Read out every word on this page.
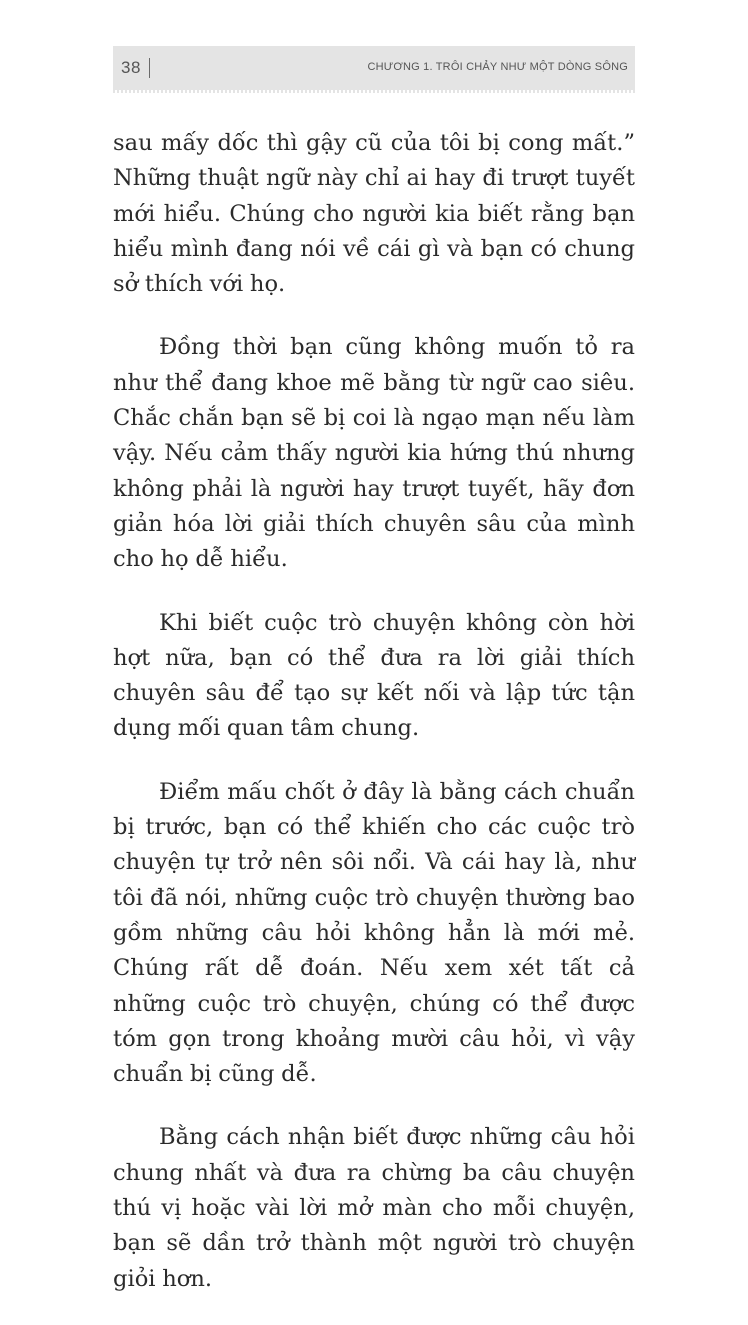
38	CHƯƠNG 1. TRÔI CHẢY NHƯ MỘT DÒNG SÔNG

sau mấy dốc thì gậy cũ của tôi bị cong mất.” Những thuật ngữ này chỉ ai hay đi trượt tuyết mới hiểu. Chúng cho người kia biết rằng bạn hiểu mình đang nói về cái gì và bạn có chung sở thích với họ.

Đồng thời bạn cũng không muốn tỏ ra như thể đang khoe mẽ bằng từ ngữ cao siêu. Chắc chắn bạn sẽ bị coi là ngạo mạn nếu làm vậy. Nếu cảm thấy người kia hứng thú nhưng không phải là người hay trượt tuyết, hãy đơn giản hóa lời giải thích chuyên sâu của mình cho họ dễ hiểu.

Khi biết cuộc trò chuyện không còn hời hợt nữa, bạn có thể đưa ra lời giải thích chuyên sâu để tạo sự kết nối và lập tức tận dụng mối quan tâm chung.

Điểm mấu chốt ở đây là bằng cách chuẩn bị trước, bạn có thể khiến cho các cuộc trò chuyện tự trở nên sôi nổi. Và cái hay là, như tôi đã nói, những cuộc trò chuyện thường bao gồm những câu hỏi không hẳn là mới mẻ. Chúng rất dễ đoán. Nếu xem xét tất cả những cuộc trò chuyện, chúng có thể được tóm gọn trong khoảng mười câu hỏi, vì vậy chuẩn bị cũng dễ.

Bằng cách nhận biết được những câu hỏi chung nhất và đưa ra chừng ba câu chuyện thú vị hoặc vài lời mở màn cho mỗi chuyện, bạn sẽ dần trở thành một người trò chuyện giỏi hơn.
